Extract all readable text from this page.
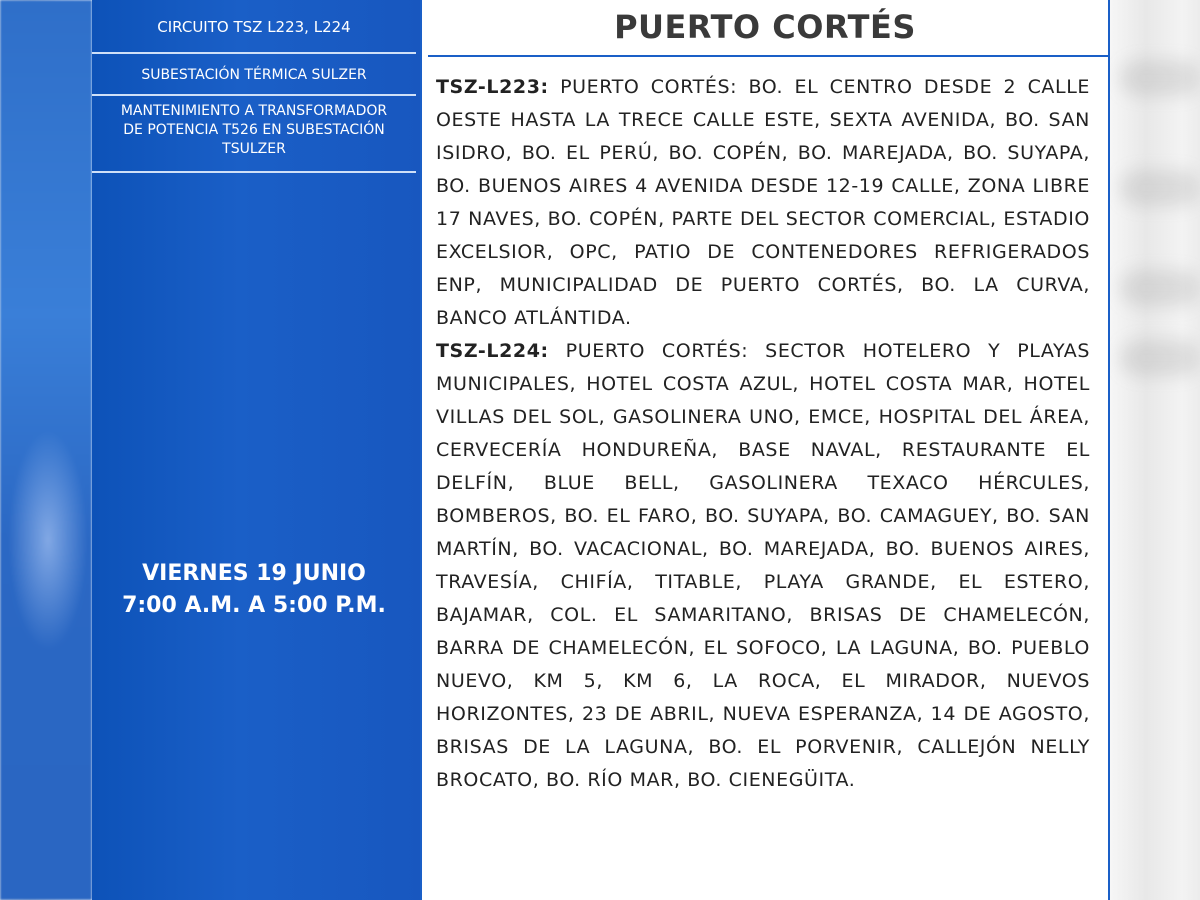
CIRCUITO TSZ L223, L224
SUBESTACIÓN TÉRMICA SULZER
MANTENIMIENTO A TRANSFORMADOR
DE POTENCIA T526 EN SUBESTACIÓN
TSULZER
VIERNES 19 JUNIO
7:00 A.M. A 5:00 P.M.
PUERTO CORTÉS

TSZ-L223: PUERTO CORTÉS: BO. EL CENTRO DESDE 2 CALLE OESTE HASTA LA TRECE CALLE ESTE, SEXTA AVENIDA, BO. SAN ISIDRO, BO. EL PERÚ, BO. COPÉN, BO. MAREJADA, BO. SUYAPA, BO. BUENOS AIRES 4 AVENIDA DESDE 12-19 CALLE, ZONA LIBRE 17 NAVES, BO. COPÉN, PARTE DEL SECTOR COMERCIAL, ESTADIO EXCELSIOR, OPC, PATIO DE CONTENEDORES REFRIGERADOS ENP, MUNICIPALIDAD DE PUERTO CORTÉS, BO. LA CURVA, BANCO ATLÁNTIDA.

TSZ-L224: PUERTO CORTÉS: SECTOR HOTELERO Y PLAYAS MUNICIPALES, HOTEL COSTA AZUL, HOTEL COSTA MAR, HOTEL VILLAS DEL SOL, GASOLINERA UNO, EMCE, HOSPITAL DEL ÁREA, CERVECERÍA HONDUREÑA, BASE NAVAL, RESTAURANTE EL DELFÍN, BLUE BELL, GASOLINERA TEXACO HÉRCULES, BOMBEROS, BO. EL FARO, BO. SUYAPA, BO. CAMAGUEY, BO. SAN MARTÍN, BO. VACACIONAL, BO. MAREJADA, BO. BUENOS AIRES, TRAVESÍA, CHIFÍA, TITABLE, PLAYA GRANDE, EL ESTERO, BAJAMAR, COL. EL SAMARITANO, BRISAS DE CHAMELECÓN, BARRA DE CHAMELECÓN, EL SOFOCO, LA LAGUNA, BO. PUEBLO NUEVO, KM 5, KM 6, LA ROCA, EL MIRADOR, NUEVOS HORIZONTES, 23 DE ABRIL, NUEVA ESPERANZA, 14 DE AGOSTO, BRISAS DE LA LAGUNA, BO. EL PORVENIR, CALLEJÓN NELLY BROCATO, BO. RÍO MAR, BO. CIENEGÜITA.
